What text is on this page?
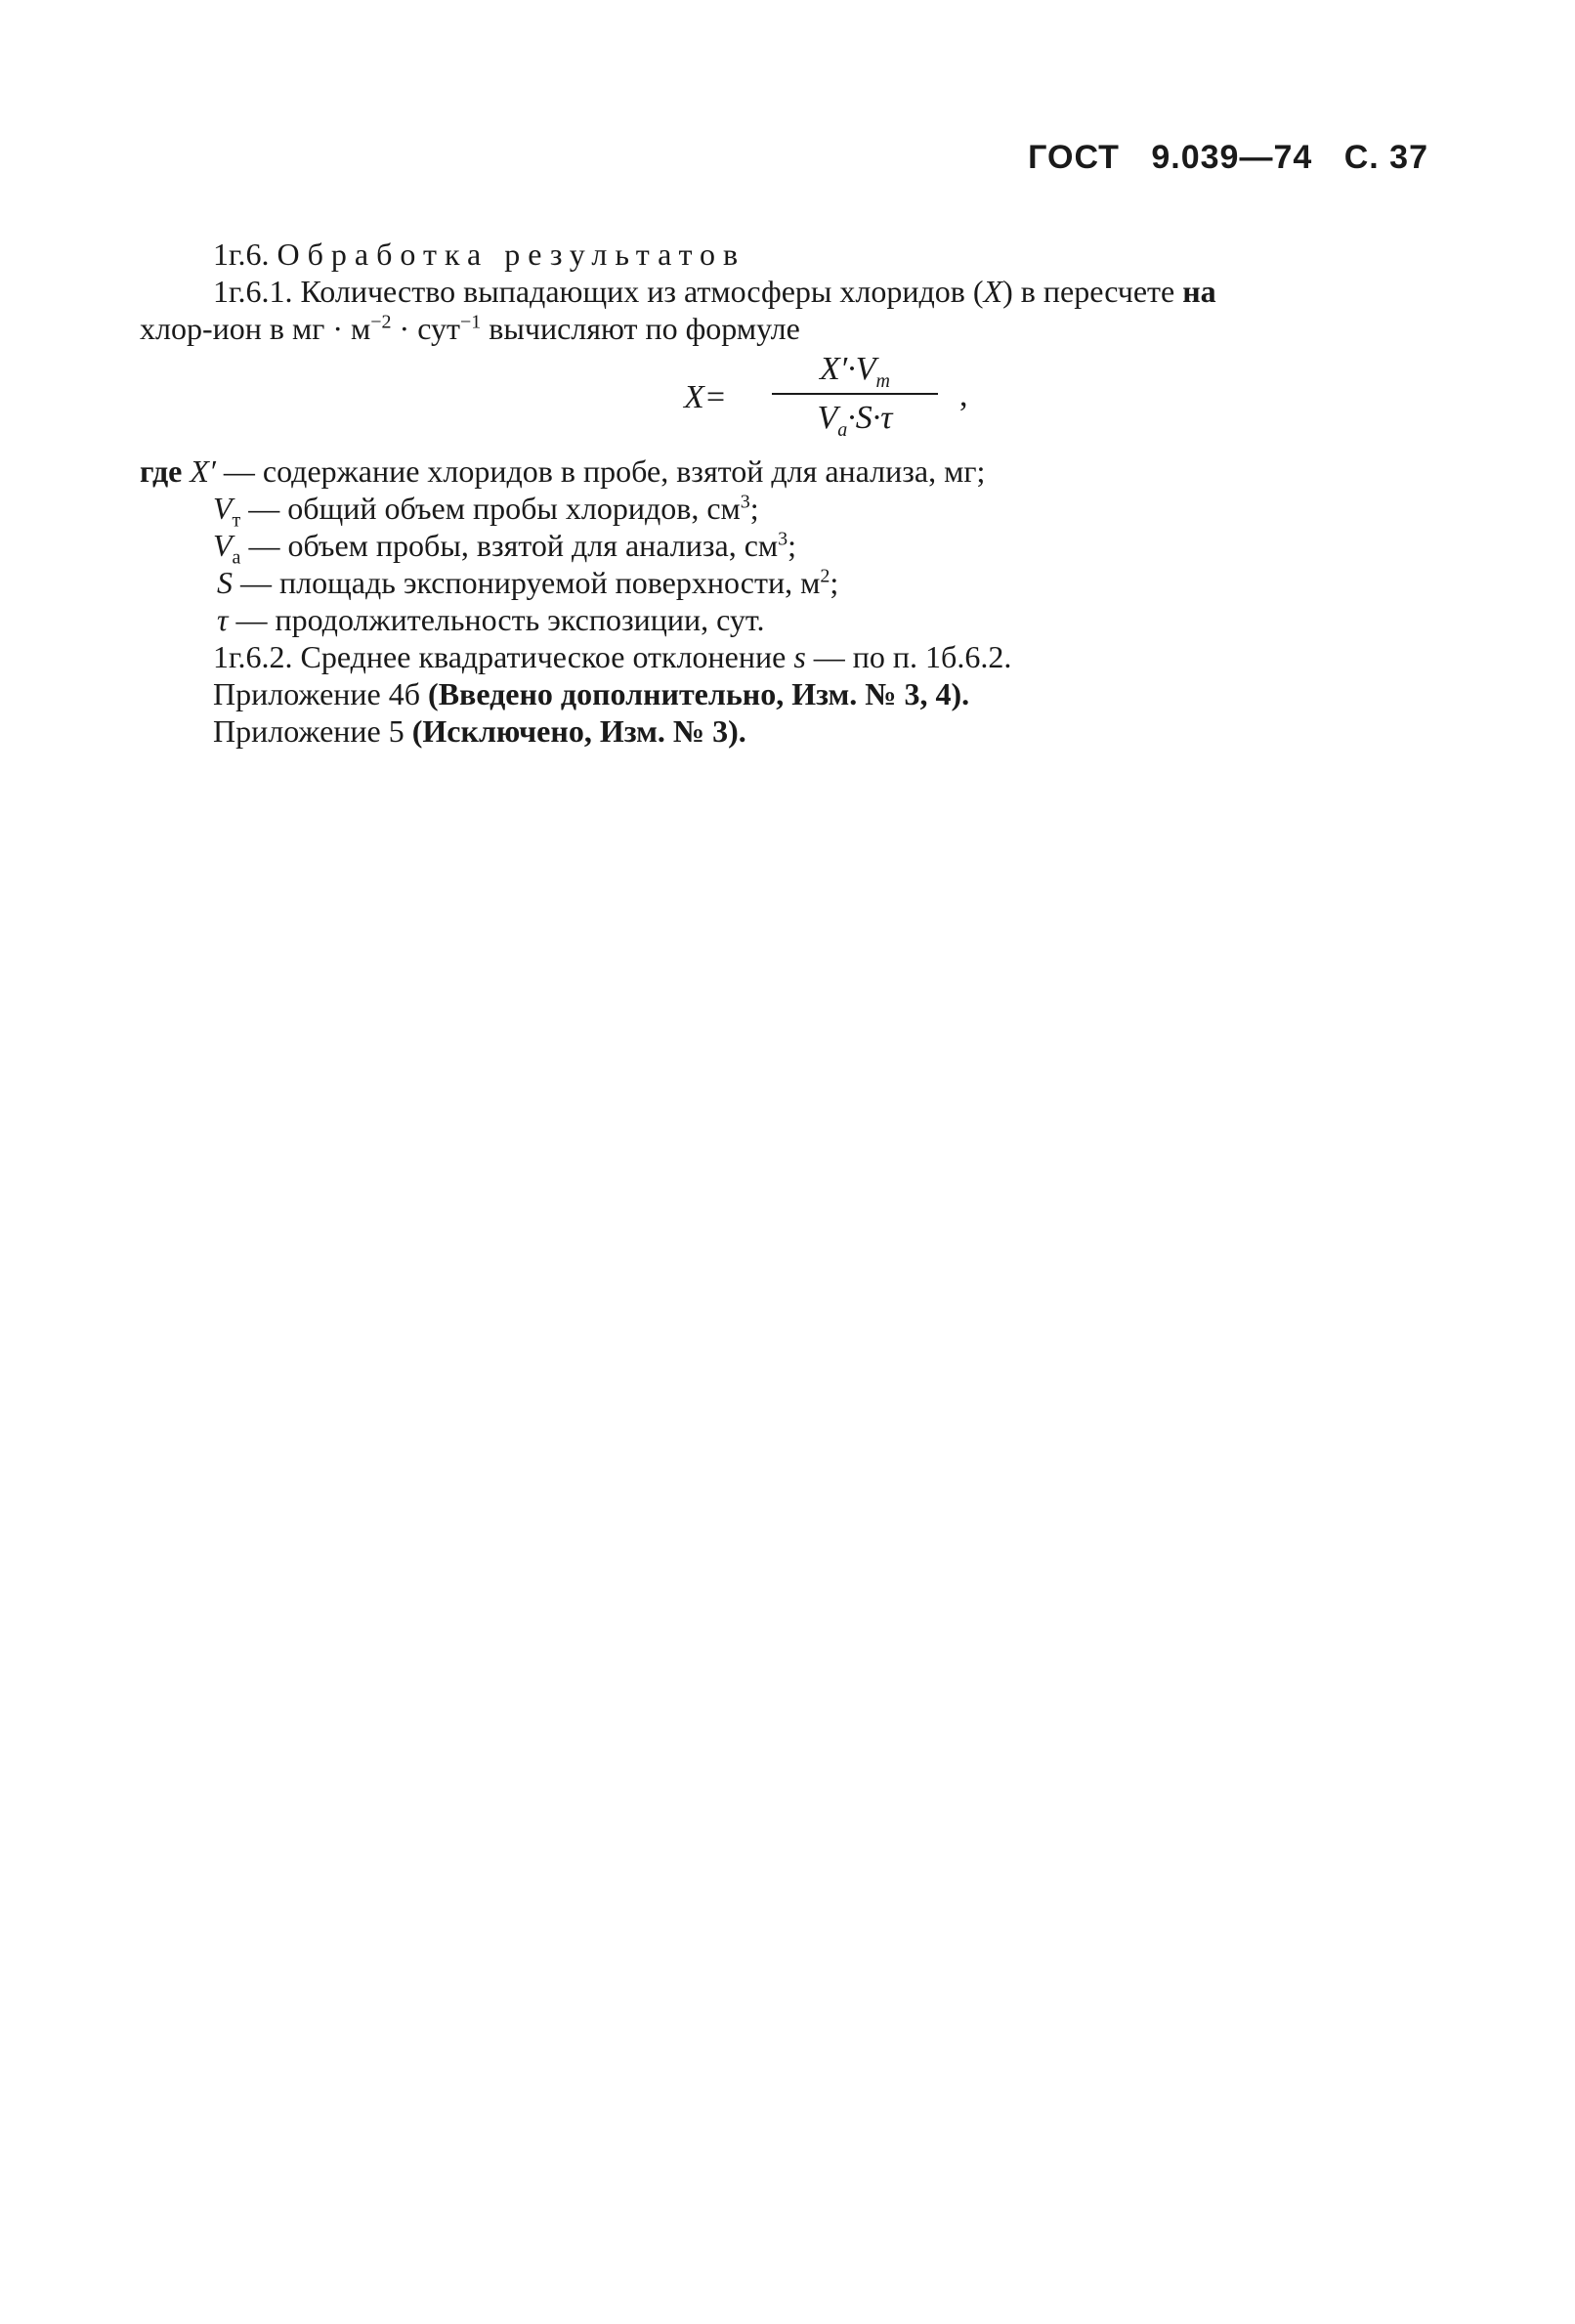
ГОСТ 9.039—74 С. 37
1г.6. Обработка результатов
1г.6.1. Количество выпадающих из атмосферы хлоридов (X) в пересчете на
хлор-ион в мг · $м^{-2} \cdot сут^{-1}$ вычисляют по формуле
X=
$X'\cdot V_т$
$V_а\cdot S\cdot\tau$
,
где X′ — содержание хлоридов в пробе, взятой для анализа, мг;
$V_т$ — общий объем пробы хлоридов, $см^3$;
$V_а$ — объем пробы, взятой для анализа, $см^3$;
S — площадь экспонируемой поверхности, $м^2$;
τ — продолжительность экспозиции, сут.
1г.6.2. Среднее квадратическое отклонение s — по п. 1б.6.2.
Приложение 4б (Введено дополнительно, Изм. № 3, 4).
Приложение 5 (Исключено, Изм. № 3).
